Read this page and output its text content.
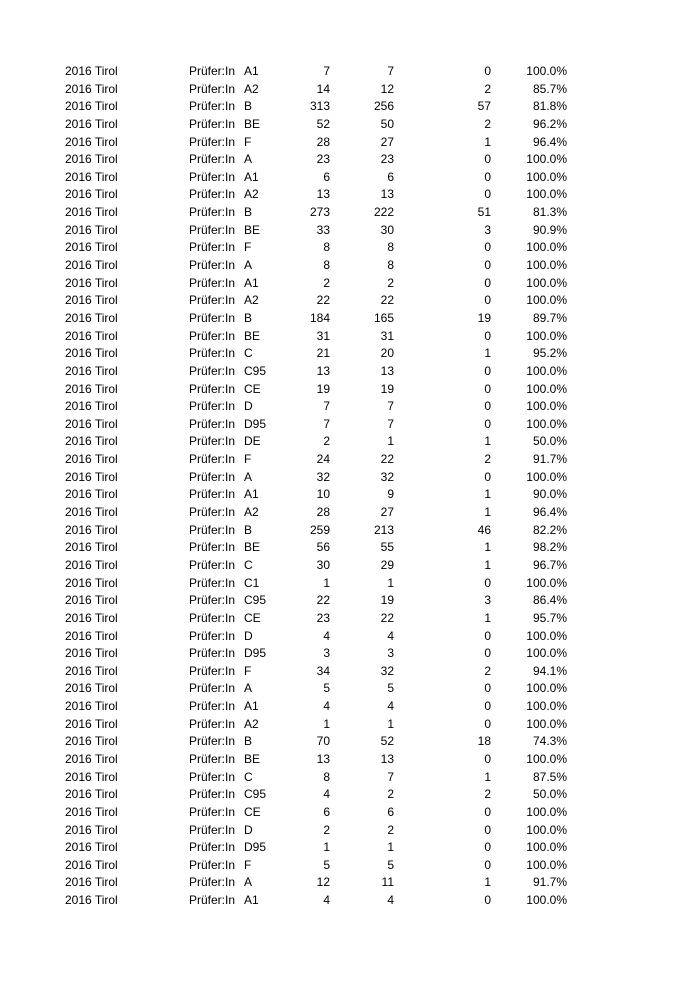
2016 Tirol	Prüfer:In A1	7	7	0	100.0%
2016 Tirol	Prüfer:In A2	14	12	2	85.7%
2016 Tirol	Prüfer:In B	313	256	57	81.8%
2016 Tirol	Prüfer:In BE	52	50	2	96.2%
2016 Tirol	Prüfer:In F	28	27	1	96.4%
2016 Tirol	Prüfer:In A	23	23	0	100.0%
2016 Tirol	Prüfer:In A1	6	6	0	100.0%
2016 Tirol	Prüfer:In A2	13	13	0	100.0%
2016 Tirol	Prüfer:In B	273	222	51	81.3%
2016 Tirol	Prüfer:In BE	33	30	3	90.9%
2016 Tirol	Prüfer:In F	8	8	0	100.0%
2016 Tirol	Prüfer:In A	8	8	0	100.0%
2016 Tirol	Prüfer:In A1	2	2	0	100.0%
2016 Tirol	Prüfer:In A2	22	22	0	100.0%
2016 Tirol	Prüfer:In B	184	165	19	89.7%
2016 Tirol	Prüfer:In BE	31	31	0	100.0%
2016 Tirol	Prüfer:In C	21	20	1	95.2%
2016 Tirol	Prüfer:In C95	13	13	0	100.0%
2016 Tirol	Prüfer:In CE	19	19	0	100.0%
2016 Tirol	Prüfer:In D	7	7	0	100.0%
2016 Tirol	Prüfer:In D95	7	7	0	100.0%
2016 Tirol	Prüfer:In DE	2	1	1	50.0%
2016 Tirol	Prüfer:In F	24	22	2	91.7%
2016 Tirol	Prüfer:In A	32	32	0	100.0%
2016 Tirol	Prüfer:In A1	10	9	1	90.0%
2016 Tirol	Prüfer:In A2	28	27	1	96.4%
2016 Tirol	Prüfer:In B	259	213	46	82.2%
2016 Tirol	Prüfer:In BE	56	55	1	98.2%
2016 Tirol	Prüfer:In C	30	29	1	96.7%
2016 Tirol	Prüfer:In C1	1	1	0	100.0%
2016 Tirol	Prüfer:In C95	22	19	3	86.4%
2016 Tirol	Prüfer:In CE	23	22	1	95.7%
2016 Tirol	Prüfer:In D	4	4	0	100.0%
2016 Tirol	Prüfer:In D95	3	3	0	100.0%
2016 Tirol	Prüfer:In F	34	32	2	94.1%
2016 Tirol	Prüfer:In A	5	5	0	100.0%
2016 Tirol	Prüfer:In A1	4	4	0	100.0%
2016 Tirol	Prüfer:In A2	1	1	0	100.0%
2016 Tirol	Prüfer:In B	70	52	18	74.3%
2016 Tirol	Prüfer:In BE	13	13	0	100.0%
2016 Tirol	Prüfer:In C	8	7	1	87.5%
2016 Tirol	Prüfer:In C95	4	2	2	50.0%
2016 Tirol	Prüfer:In CE	6	6	0	100.0%
2016 Tirol	Prüfer:In D	2	2	0	100.0%
2016 Tirol	Prüfer:In D95	1	1	0	100.0%
2016 Tirol	Prüfer:In F	5	5	0	100.0%
2016 Tirol	Prüfer:In A	12	11	1	91.7%
2016 Tirol	Prüfer:In A1	4	4	0	100.0%
